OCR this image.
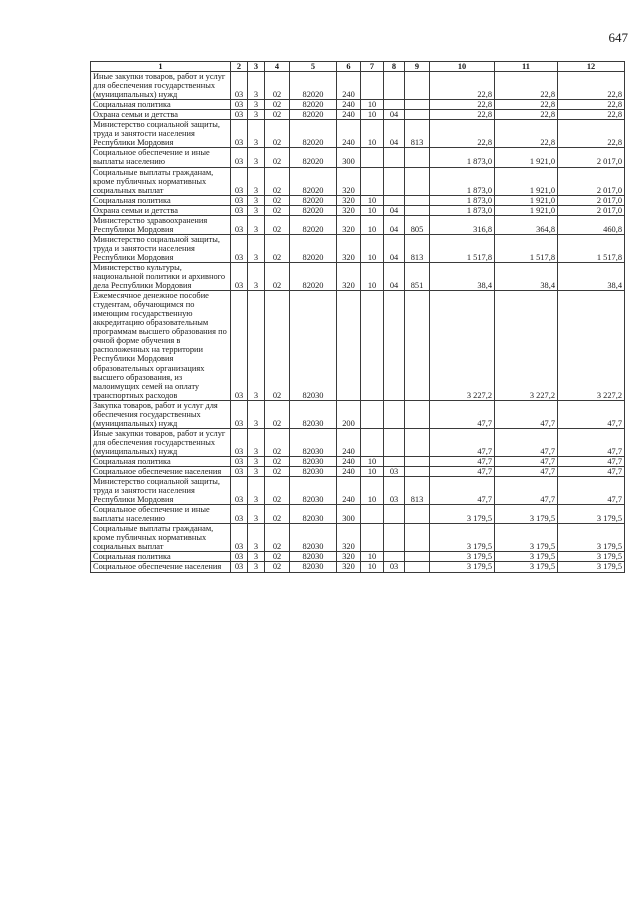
647
1	2	3	4	5	6	7	8	9	10	11	12
Иные закупки товаров, работ и услуг для обеспечения государственных (муниципальных) нужд	03	3	02	82020	240				22,8	22,8	22,8
Социальная политика	03	3	02	82020	240	10			22,8	22,8	22,8
Охрана семьи и детства	03	3	02	82020	240	10	04		22,8	22,8	22,8
Министерство социальной защиты, труда и занятости населения Республики Мордовия	03	3	02	82020	240	10	04	813	22,8	22,8	22,8
Социальное обеспечение и иные выплаты населению	03	3	02	82020	300				1 873,0	1 921,0	2 017,0
Социальные выплаты гражданам, кроме публичных нормативных социальных выплат	03	3	02	82020	320				1 873,0	1 921,0	2 017,0
Социальная политика	03	3	02	82020	320	10			1 873,0	1 921,0	2 017,0
Охрана семьи и детства	03	3	02	82020	320	10	04		1 873,0	1 921,0	2 017,0
Министерство здравоохранения Республики Мордовия	03	3	02	82020	320	10	04	805	316,8	364,8	460,8
Министерство социальной защиты, труда и занятости населения Республики Мордовия	03	3	02	82020	320	10	04	813	1 517,8	1 517,8	1 517,8
Министерство культуры, национальной политики и архивного дела Республики Мордовия	03	3	02	82020	320	10	04	851	38,4	38,4	38,4
Ежемесячное денежное пособие студентам, обучающимся по имеющим государственную аккредитацию образовательным программам высшего образования по очной форме обучения в расположенных на территории Республики Мордовия образовательных организациях высшего образования, из малоимущих семей на оплату транспортных расходов	03	3	02	82030					3 227,2	3 227,2	3 227,2
Закупка товаров, работ и услуг для обеспечения государственных (муниципальных) нужд	03	3	02	82030	200				47,7	47,7	47,7
Иные закупки товаров, работ и услуг для обеспечения государственных (муниципальных) нужд	03	3	02	82030	240				47,7	47,7	47,7
Социальная политика	03	3	02	82030	240	10			47,7	47,7	47,7
Социальное обеспечение населения	03	3	02	82030	240	10	03		47,7	47,7	47,7
Министерство социальной защиты, труда и занятости населения Республики Мордовия	03	3	02	82030	240	10	03	813	47,7	47,7	47,7
Социальное обеспечение и иные выплаты населению	03	3	02	82030	300				3 179,5	3 179,5	3 179,5
Социальные выплаты гражданам, кроме публичных нормативных социальных выплат	03	3	02	82030	320				3 179,5	3 179,5	3 179,5
Социальная политика	03	3	02	82030	320	10			3 179,5	3 179,5	3 179,5
Социальное обеспечение населения	03	3	02	82030	320	10	03		3 179,5	3 179,5	3 179,5
